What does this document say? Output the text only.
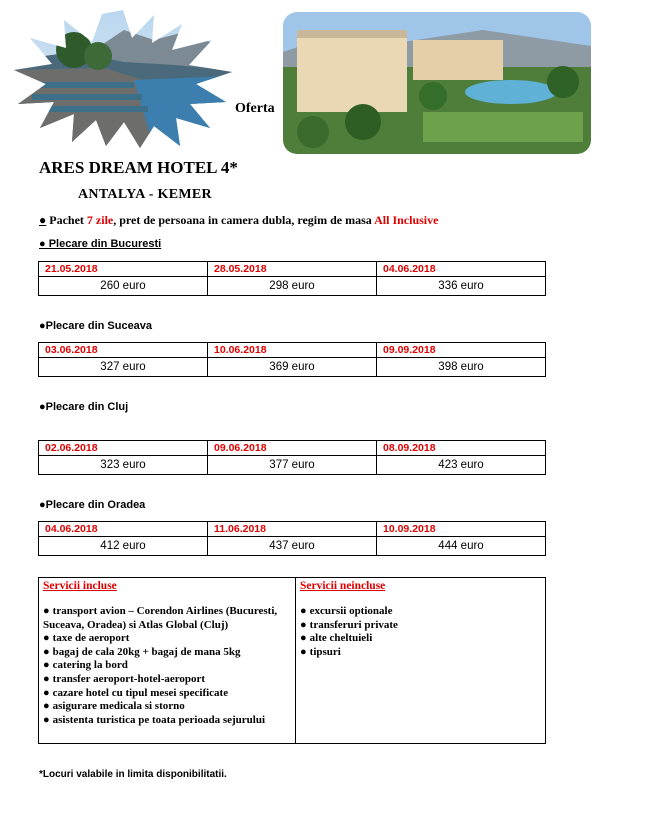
Oferta
ARES DREAM HOTEL 4*
ANTALYA - KEMER
● Pachet 7 zile, pret de persoana in camera dubla, regim de masa All Inclusive
● Plecare din Bucuresti
21.05.2018	28.05.2018	04.06.2018
260 euro	298 euro	336 euro
●Plecare din Suceava
03.06.2018	10.06.2018	09.09.2018
327 euro	369 euro	398 euro
●Plecare din Cluj
02.06.2018	09.06.2018	08.09.2018
323 euro	377 euro	423 euro
●Plecare din Oradea
04.06.2018	11.06.2018	10.09.2018
412 euro	437 euro	444 euro
Servicii incluse
● transport avion – Corendon Airlines (Bucuresti, Suceava, Oradea) si Atlas Global (Cluj)
● taxe de aeroport
● bagaj de cala 20kg + bagaj de mana 5kg
● catering la bord
● transfer aeroport-hotel-aeroport
● cazare hotel cu tipul mesei specificate
● asigurare medicala si storno
● asistenta turistica pe toata perioada sejurului

Servicii neincluse
● excursii optionale
● transferuri private
● alte cheltuieli
● tipsuri
*Locuri valabile in limita disponibilitatii.
